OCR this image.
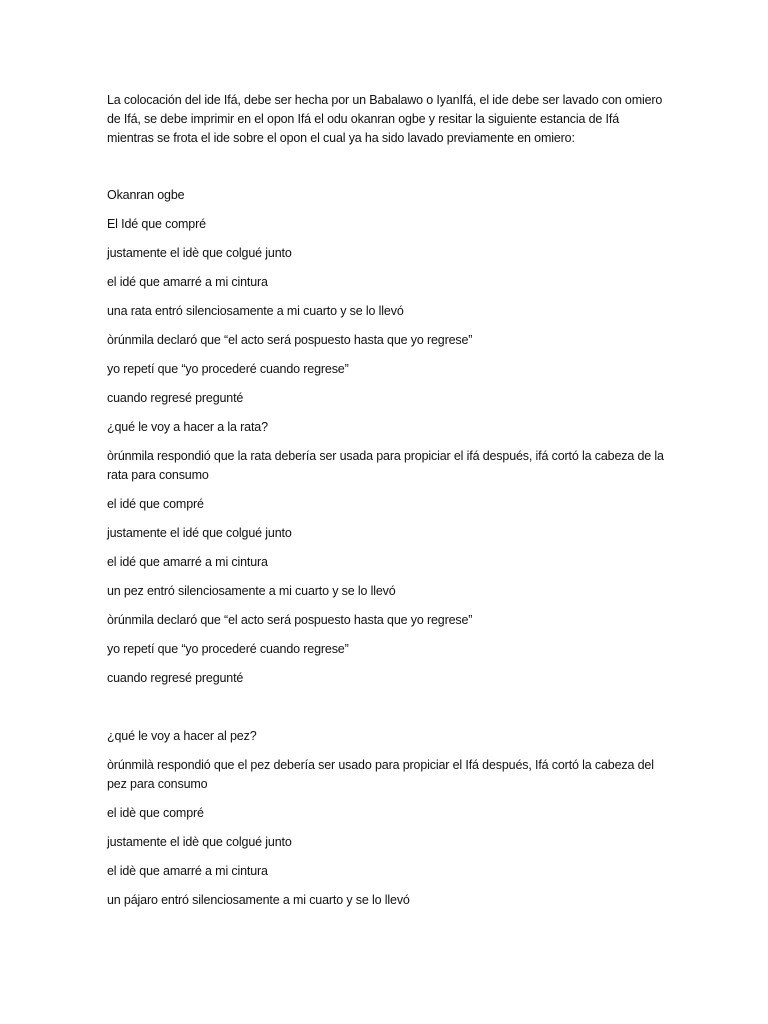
La colocación del ide Ifá, debe ser hecha por un Babalawo o IyanIfá, el ide debe ser lavado con omiero de Ifá, se debe imprimir en el opon Ifá el odu okanran ogbe y resitar la siguiente estancia de Ifá mientras se frota el ide sobre el opon el cual ya ha sido lavado previamente en omiero:

Okanran ogbe

El Idé que compré

justamente el idè que colgué junto

el idé que amarré a mi cintura

una rata entró silenciosamente a mi cuarto y se lo llevó

òrúnmila declaró que “el acto será pospuesto hasta que yo regrese”

yo repetí que “yo procederé cuando regrese”

cuando regresé pregunté

¿qué le voy a hacer a la rata?

òrúnmila respondió que la rata debería ser usada para propiciar el ifá después, ifá cortó la cabeza de la rata para consumo

el idé que compré

justamente el idé que colgué junto

el idé que amarré a mi cintura

un pez entró silenciosamente a mi cuarto y se lo llevó

òrúnmila declaró que “el acto será pospuesto hasta que yo regrese”

yo repetí que “yo procederé cuando regrese”

cuando regresé pregunté

¿qué le voy a hacer al pez?

òrúnmilà respondió que el pez debería ser usado para propiciar el Ifá después, Ifá cortó la cabeza del pez para consumo

el idè que compré

justamente el idè que colgué junto

el idè que amarré a mi cintura

un pájaro entró silenciosamente a mi cuarto y se lo llevó
